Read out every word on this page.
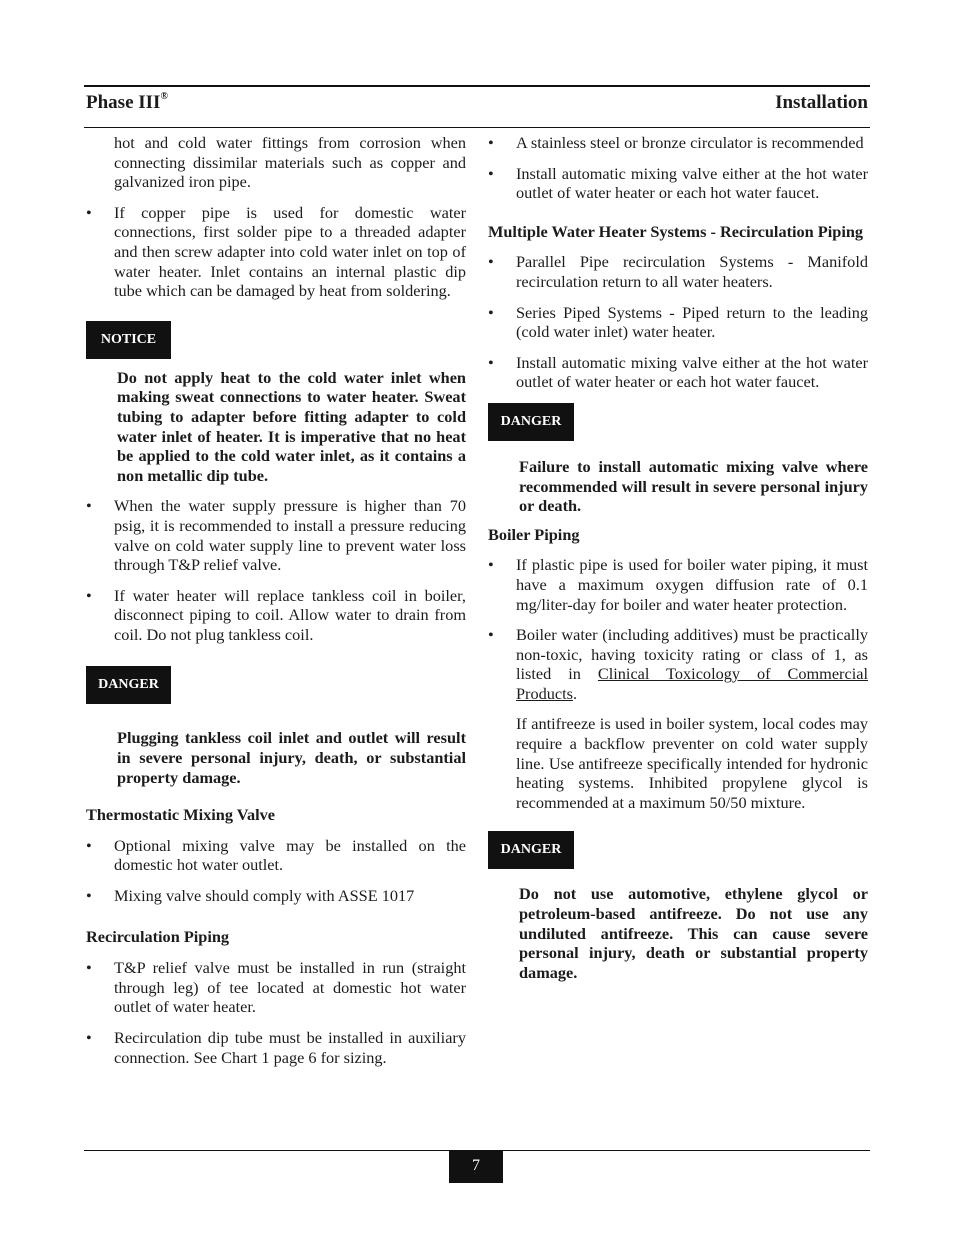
Phase III®	Installation

hot and cold water fittings from corrosion when connecting dissimilar materials such as copper and galvanized iron pipe.

• If copper pipe is used for domestic water connections, first solder pipe to a threaded adapter and then screw adapter into cold water inlet on top of water heater. Inlet contains an internal plastic dip tube which can be damaged by heat from soldering.
NOTICE

Do not apply heat to the cold water inlet when making sweat connections to water heater. Sweat tubing to adapter before fitting adapter to cold water inlet of heater. It is imperative that no heat be applied to the cold water inlet, as it contains a non metallic dip tube.

• When the water supply pressure is higher than 70 psig, it is recommended to install a pressure reducing valve on cold water supply line to prevent water loss through T&P relief valve.
• If water heater will replace tankless coil in boiler, disconnect piping to coil. Allow water to drain from coil. Do not plug tankless coil.
DANGER

Plugging tankless coil inlet and outlet will result in severe personal injury, death, or substantial property damage.

Thermostatic Mixing Valve

• Optional mixing valve may be installed on the domestic hot water outlet.
• Mixing valve should comply with ASSE 1017

Recirculation Piping

• T&P relief valve must be installed in run (straight through leg) of tee located at domestic hot water outlet of water heater.
• Recirculation dip tube must be installed in auxiliary connection. See Chart 1 page 6 for sizing.
• A stainless steel or bronze circulator is recommended
• Install automatic mixing valve either at the hot water outlet of water heater or each hot water faucet.

Multiple Water Heater Systems - Recirculation Piping

• Parallel Pipe recirculation Systems - Manifold recirculation return to all water heaters.
• Series Piped Systems - Piped return to the leading (cold water inlet) water heater.
• Install automatic mixing valve either at the hot water outlet of water heater or each hot water faucet.
DANGER

Failure to install automatic mixing valve where recommended will result in severe personal injury or death.

Boiler Piping

• If plastic pipe is used for boiler water piping, it must have a maximum oxygen diffusion rate of 0.1 mg/liter-day for boiler and water heater protection.
• Boiler water (including additives) must be practically non-toxic, having toxicity rating or class of 1, as listed in Clinical Toxicology of Commercial Products.

If antifreeze is used in boiler system, local codes may require a backflow preventer on cold water supply line. Use antifreeze specifically intended for hydronic heating systems. Inhibited propylene glycol is recommended at a maximum 50/50 mixture.

DANGER

Do not use automotive, ethylene glycol or petroleum-based antifreeze. Do not use any undiluted antifreeze. This can cause severe personal injury, death or substantial property damage.

7
